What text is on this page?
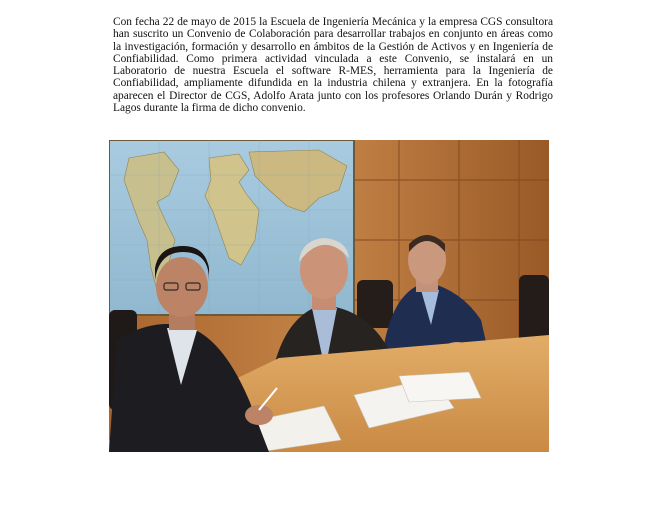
Con fecha 22 de mayo de 2015 la Escuela de Ingeniería Mecánica y la empresa CGS consultora han suscrito un Convenio de Colaboración para desarrollar trabajos en conjunto en áreas como la investigación, formación y desarrollo en ámbitos de la Gestión de Activos y en Ingeniería de Confiabilidad. Como primera actividad vinculada a este Convenio, se instalará en un Laboratorio de nuestra Escuela el software R-MES, herramienta para la Ingeniería de Confiabilidad, ampliamente difundida en la industria chilena y extranjera. En la fotografía aparecen el Director de CGS, Adolfo Arata junto con los profesores Orlando Durán y Rodrigo Lagos durante la firma de dicho convenio.
